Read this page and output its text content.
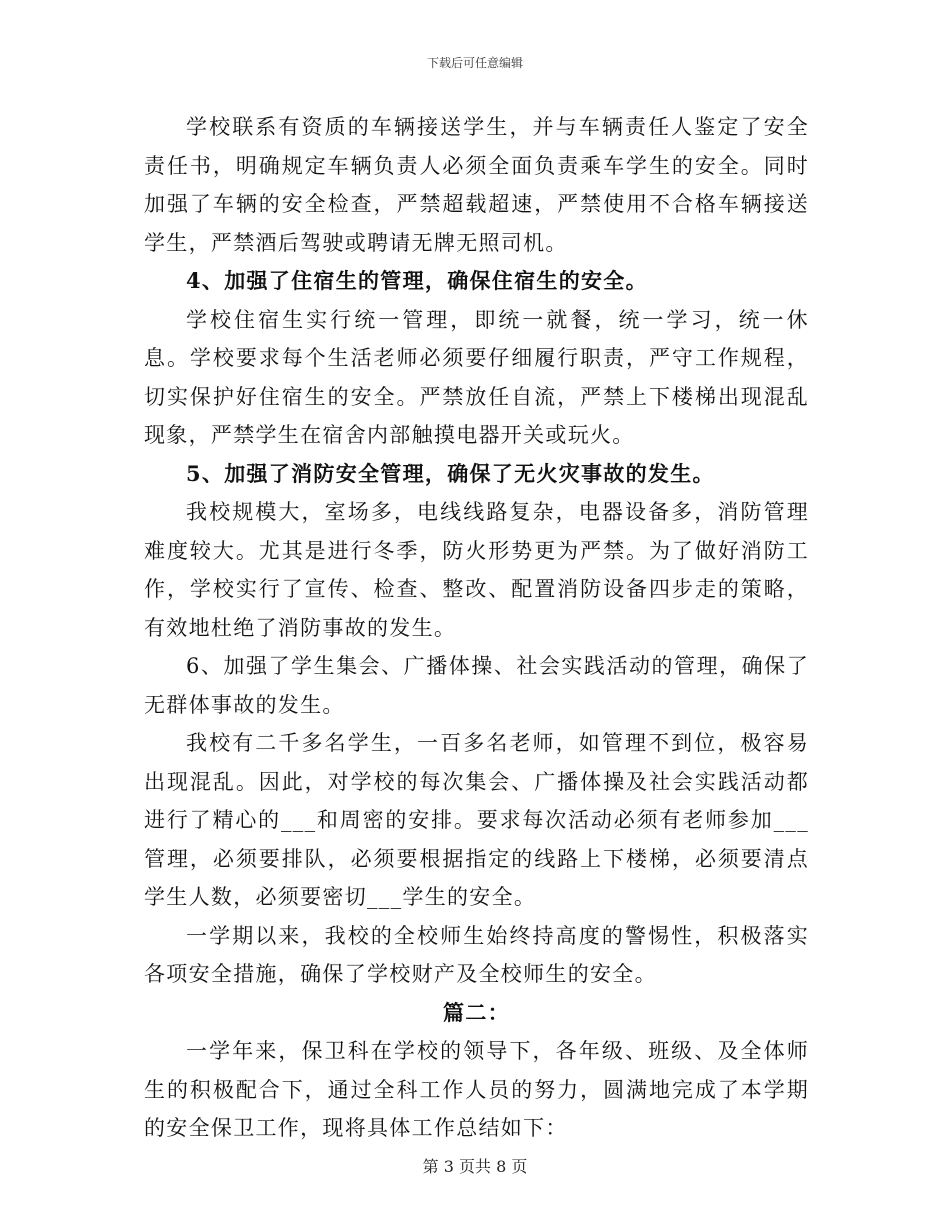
下载后可任意编辑

学校联系有资质的车辆接送学生，并与车辆责任人鉴定了安全责任书，明确规定车辆负责人必须全面负责乘车学生的安全。同时加强了车辆的安全检查，严禁超载超速，严禁使用不合格车辆接送学生，严禁酒后驾驶或聘请无牌无照司机。

4、加强了住宿生的管理，确保住宿生的安全。

学校住宿生实行统一管理，即统一就餐，统一学习，统一休息。学校要求每个生活老师必须要仔细履行职责，严守工作规程，切实保护好住宿生的安全。严禁放任自流，严禁上下楼梯出现混乱现象，严禁学生在宿舍内部触摸电器开关或玩火。

5、加强了消防安全管理，确保了无火灾事故的发生。

我校规模大，室场多，电线线路复杂，电器设备多，消防管理难度较大。尤其是进行冬季，防火形势更为严禁。为了做好消防工作，学校实行了宣传、检查、整改、配置消防设备四步走的策略，有效地杜绝了消防事故的发生。

6、加强了学生集会、广播体操、社会实践活动的管理，确保了无群体事故的发生。

我校有二千多名学生，一百多名老师，如管理不到位，极容易出现混乱。因此，对学校的每次集会、广播体操及社会实践活动都进行了精心的___和周密的安排。要求每次活动必须有老师参加___管理，必须要排队，必须要根据指定的线路上下楼梯，必须要清点学生人数，必须要密切___学生的安全。

一学期以来，我校的全校师生始终持高度的警惕性，积极落实各项安全措施，确保了学校财产及全校师生的安全。

篇二：

一学年来，保卫科在学校的领导下，各年级、班级、及全体师生的积极配合下，通过全科工作人员的努力，圆满地完成了本学期的安全保卫工作，现将具体工作总结如下：

第 3 页共 8 页
